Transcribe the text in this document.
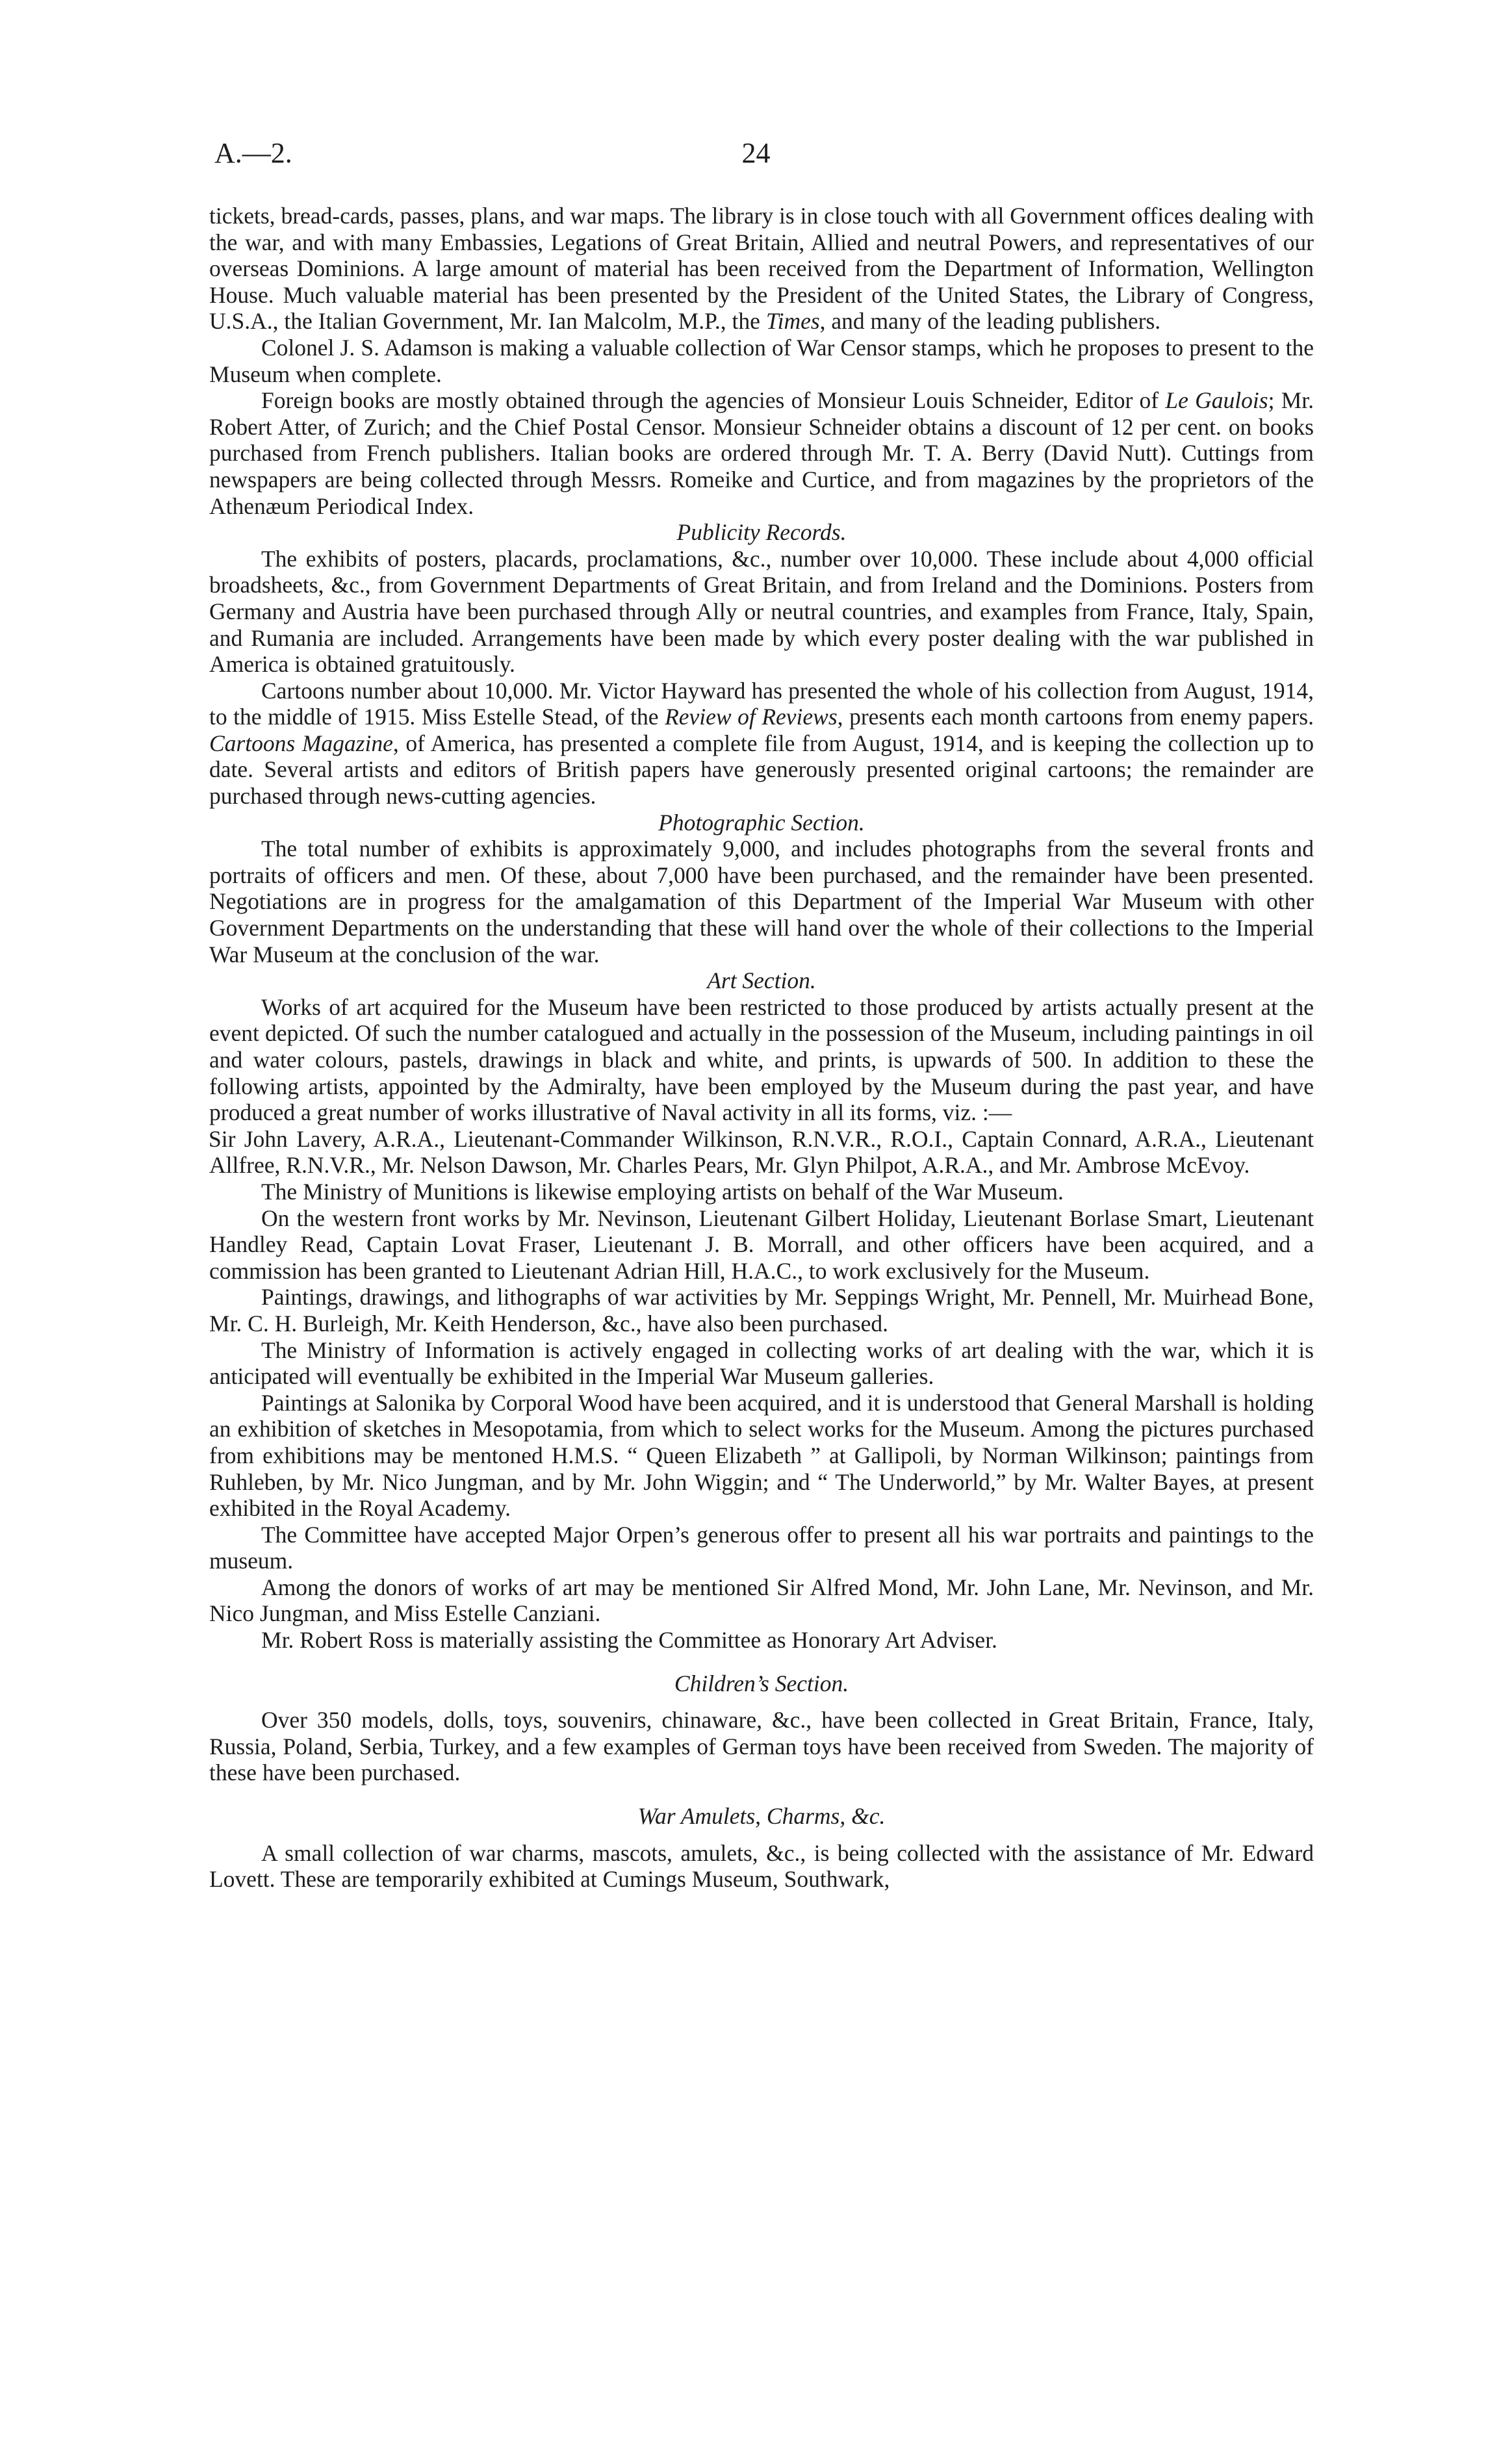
A.—2.	24

tickets, bread-cards, passes, plans, and war maps. The library is in close touch with all Government offices dealing with the war, and with many Embassies, Legations of Great Britain, Allied and neutral Powers, and representatives of our overseas Dominions. A large amount of material has been received from the Department of Information, Wellington House. Much valuable material has been presented by the President of the United States, the Library of Congress, U.S.A., the Italian Government, Mr. Ian Malcolm, M.P., the Times, and many of the leading publishers.

Colonel J. S. Adamson is making a valuable collection of War Censor stamps, which he proposes to present to the Museum when complete.

Foreign books are mostly obtained through the agencies of Monsieur Louis Schneider, Editor of Le Gaulois; Mr. Robert Atter, of Zurich; and the Chief Postal Censor. Monsieur Schneider obtains a discount of 12 per cent. on books purchased from French publishers. Italian books are ordered through Mr. T. A. Berry (David Nutt). Cuttings from newspapers are being collected through Messrs. Romeike and Curtice, and from magazines by the proprietors of the Athenæum Periodical Index.

Publicity Records.

The exhibits of posters, placards, proclamations, &c., number over 10,000. These include about 4,000 official broadsheets, &c., from Government Departments of Great Britain, and from Ireland and the Dominions. Posters from Germany and Austria have been purchased through Ally or neutral countries, and examples from France, Italy, Spain, and Rumania are included. Arrangements have been made by which every poster dealing with the war published in America is obtained gratuitously.

Cartoons number about 10,000. Mr. Victor Hayward has presented the whole of his collection from August, 1914, to the middle of 1915. Miss Estelle Stead, of the Review of Reviews, presents each month cartoons from enemy papers. Cartoons Magazine, of America, has presented a complete file from August, 1914, and is keeping the collection up to date. Several artists and editors of British papers have generously presented original cartoons; the remainder are purchased through news-cutting agencies.

Photographic Section.

The total number of exhibits is approximately 9,000, and includes photographs from the several fronts and portraits of officers and men. Of these, about 7,000 have been purchased, and the remainder have been presented. Negotiations are in progress for the amalgamation of this Department of the Imperial War Museum with other Government Departments on the understanding that these will hand over the whole of their collections to the Imperial War Museum at the conclusion of the war.

Art Section.

Works of art acquired for the Museum have been restricted to those produced by artists actually present at the event depicted. Of such the number catalogued and actually in the possession of the Museum, including paintings in oil and water colours, pastels, drawings in black and white, and prints, is upwards of 500. In addition to these the following artists, appointed by the Admiralty, have been employed by the Museum during the past year, and have produced a great number of works illustrative of Naval activity in all its forms, viz. :—

Sir John Lavery, A.R.A., Lieutenant-Commander Wilkinson, R.N.V.R., R.O.I., Captain Connard, A.R.A., Lieutenant Allfree, R.N.V.R., Mr. Nelson Dawson, Mr. Charles Pears, Mr. Glyn Philpot, A.R.A., and Mr. Ambrose McEvoy.

The Ministry of Munitions is likewise employing artists on behalf of the War Museum.

On the western front works by Mr. Nevinson, Lieutenant Gilbert Holiday, Lieutenant Borlase Smart, Lieutenant Handley Read, Captain Lovat Fraser, Lieutenant J. B. Morrall, and other officers have been acquired, and a commission has been granted to Lieutenant Adrian Hill, H.A.C., to work exclusively for the Museum.

Paintings, drawings, and lithographs of war activities by Mr. Seppings Wright, Mr. Pennell, Mr. Muirhead Bone, Mr. C. H. Burleigh, Mr. Keith Henderson, &c., have also been purchased.

The Ministry of Information is actively engaged in collecting works of art dealing with the war, which it is anticipated will eventually be exhibited in the Imperial War Museum galleries.

Paintings at Salonika by Corporal Wood have been acquired, and it is understood that General Marshall is holding an exhibition of sketches in Mesopotamia, from which to select works for the Museum. Among the pictures purchased from exhibitions may be mentoned H.M.S. “ Queen Elizabeth ” at Gallipoli, by Norman Wilkinson; paintings from Ruhleben, by Mr. Nico Jungman, and by Mr. John Wiggin; and “ The Underworld,” by Mr. Walter Bayes, at present exhibited in the Royal Academy.

The Committee have accepted Major Orpen’s generous offer to present all his war portraits and paintings to the museum.

Among the donors of works of art may be mentioned Sir Alfred Mond, Mr. John Lane, Mr. Nevinson, and Mr. Nico Jungman, and Miss Estelle Canziani.

Mr. Robert Ross is materially assisting the Committee as Honorary Art Adviser.

Children’s Section.

Over 350 models, dolls, toys, souvenirs, chinaware, &c., have been collected in Great Britain, France, Italy, Russia, Poland, Serbia, Turkey, and a few examples of German toys have been received from Sweden. The majority of these have been purchased.

War Amulets, Charms, &c.

A small collection of war charms, mascots, amulets, &c., is being collected with the assistance of Mr. Edward Lovett. These are temporarily exhibited at Cumings Museum, Southwark,
